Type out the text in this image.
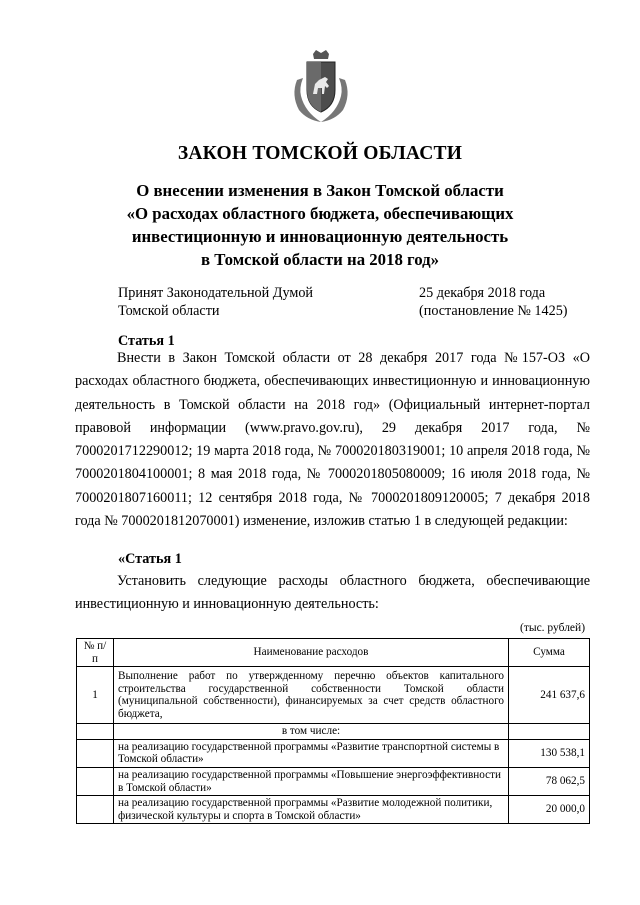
ЗАКОН ТОМСКОЙ ОБЛАСТИ
О внесении изменения в Закон Томской области
«О расходах областного бюджета, обеспечивающих
инвестиционную и инновационную деятельность
в Томской области на 2018 год»
Принят Законодательной Думой
Томской области
25 декабря 2018 года
(постановление № 1425)
Статья 1
Внести в Закон Томской области от 28 декабря 2017 года №157-ОЗ «О расходах областного бюджета, обеспечивающих инвестиционную и инновационную деятельность в Томской области на 2018 год» (Официальный интернет-портал правовой информации (www.pravo.gov.ru), 29 декабря 2017 года, № 7000201712290012; 19 марта 2018 года, № 700020180319001; 10 апреля 2018 года, № 7000201804100001; 8 мая 2018 года, № 7000201805080009; 16 июля 2018 года, № 7000201807160011; 12 сентября 2018 года, № 7000201809120005; 7 декабря 2018 года № 7000201812070001) изменение, изложив статью 1 в следующей редакции:
«Статья 1
Установить следующие расходы областного бюджета, обеспечивающие инвестиционную и инновационную деятельность:
(тыс. рублей)
№ п/п	Наименование расходов	Сумма
1	Выполнение работ по утвержденному перечню объектов капитального строительства государственной собственности Томской области (муниципальной собственности), финансируемых за счет средств областного бюджета,	241 637,6
	в том числе:	
	на реализацию государственной программы «Развитие транспортной системы в Томской области»	130 538,1
	на реализацию государственной программы «Повышение энергоэффективности в Томской области»	78 062,5
	на реализацию государственной программы «Развитие молодежной политики, физической культуры и спорта в Томской области»	20 000,0
